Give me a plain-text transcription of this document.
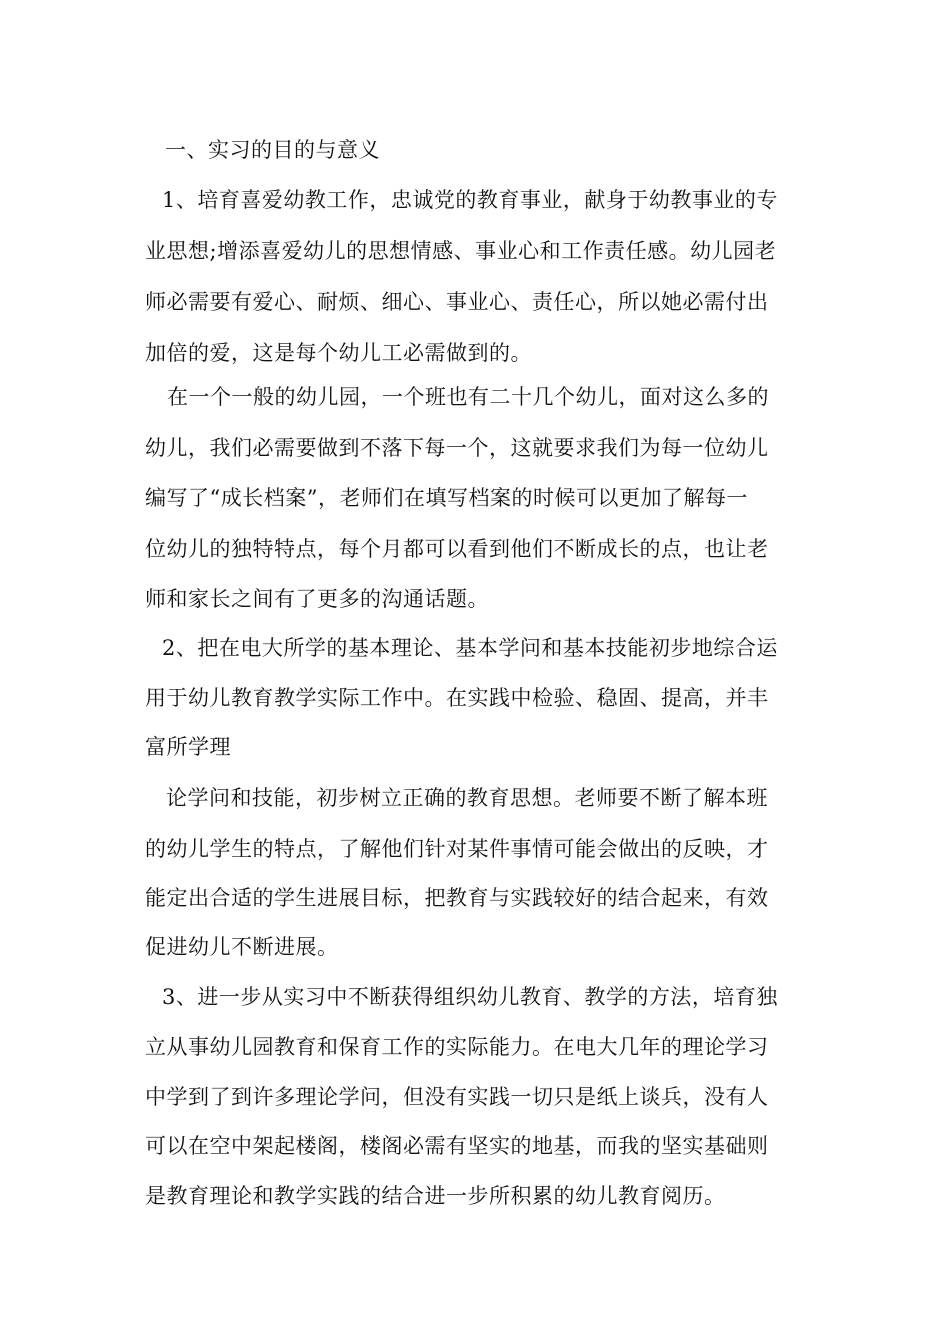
一、实习的目的与意义
1、培育喜爱幼教工作，忠诚党的教育事业，献身于幼教事业的专
业思想;增添喜爱幼儿的思想情感、事业心和工作责任感。幼儿园老
师必需要有爱心、耐烦、细心、事业心、责任心，所以她必需付出
加倍的爱，这是每个幼儿工必需做到的。
在一个一般的幼儿园，一个班也有二十几个幼儿，面对这么多的
幼儿，我们必需要做到不落下每一个，这就要求我们为每一位幼儿
编写了“成长档案”，老师们在填写档案的时候可以更加了解每一
位幼儿的独特特点，每个月都可以看到他们不断成长的点，也让老
师和家长之间有了更多的沟通话题。
2、把在电大所学的基本理论、基本学问和基本技能初步地综合运
用于幼儿教育教学实际工作中。在实践中检验、稳固、提高，并丰
富所学理
论学问和技能，初步树立正确的教育思想。老师要不断了解本班
的幼儿学生的特点，了解他们针对某件事情可能会做出的反映，才
能定出合适的学生进展目标，把教育与实践较好的结合起来，有效
促进幼儿不断进展。
3、进一步从实习中不断获得组织幼儿教育、教学的方法，培育独
立从事幼儿园教育和保育工作的实际能力。在电大几年的理论学习
中学到了到许多理论学问，但没有实践一切只是纸上谈兵，没有人
可以在空中架起楼阁，楼阁必需有坚实的地基，而我的坚实基础则
是教育理论和教学实践的结合进一步所积累的幼儿教育阅历。
